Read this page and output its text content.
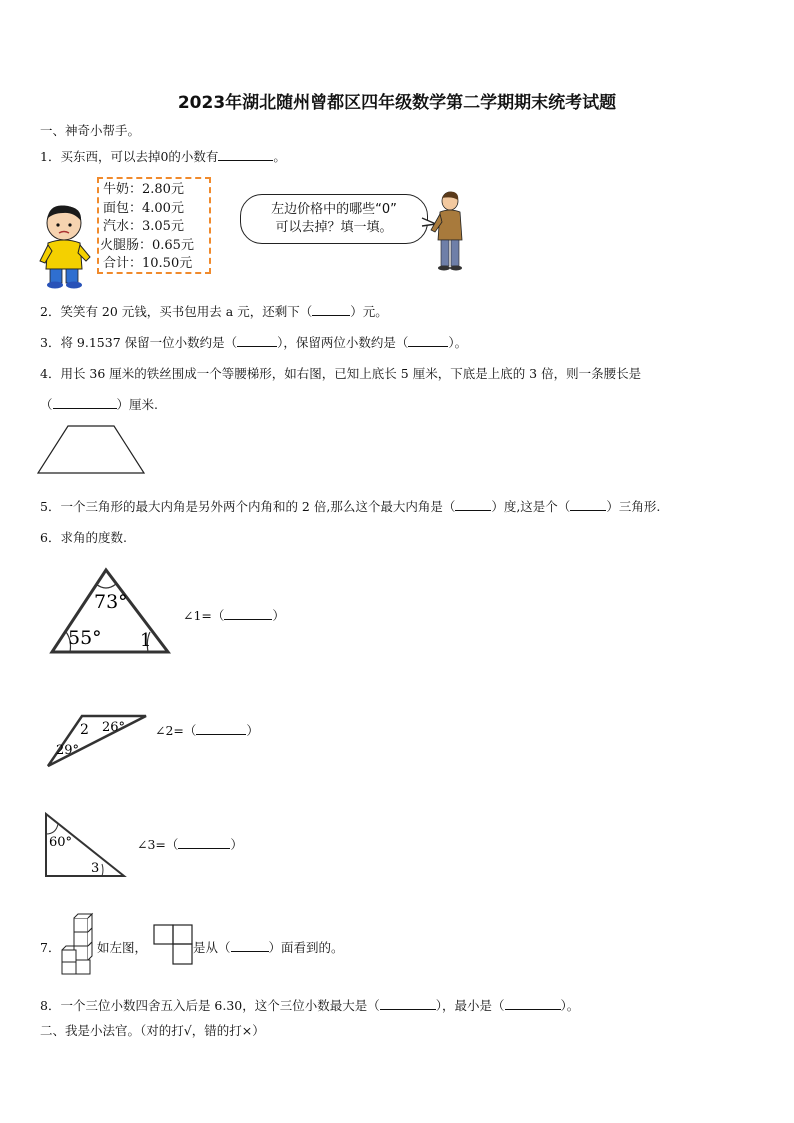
2023年湖北随州曾都区四年级数学第二学期期末统考试题
一、神奇小帮手。
1．买东西，可以去掉0的小数有	。
牛奶：2.80元
面包：4.00元
汽水：3.05元
火腿肠：0.65元
合计：10.50元
左边价格中的哪些“0”
可以去掉？填一填。
2．笑笑有 20 元钱，买书包用去 a 元，还剩下（	）元。
3．将 9.1537 保留一位小数约是（	），保留两位小数约是（	）。
4．用长 36 厘米的铁丝围成一个等腰梯形，如右图，已知上底长 5 厘米，下底是上底的 3 倍，则一条腰长是
（	）厘米.
5．一个三角形的最大内角是另外两个内角和的 2 倍,那么这个最大内角是（	）度,这是个（	）三角形.
6．求角的度数.
73°
55° 1
∠1=（	）
2 26°
29°
∠2=（	）
60°
3
∠3=（	）
7．	如左图，	是从（	）面看到的。
8．一个三位小数四舍五入后是 6.30，这个三位小数最大是（	），最小是（	）。
二、我是小法官。（对的打√，错的打×）
